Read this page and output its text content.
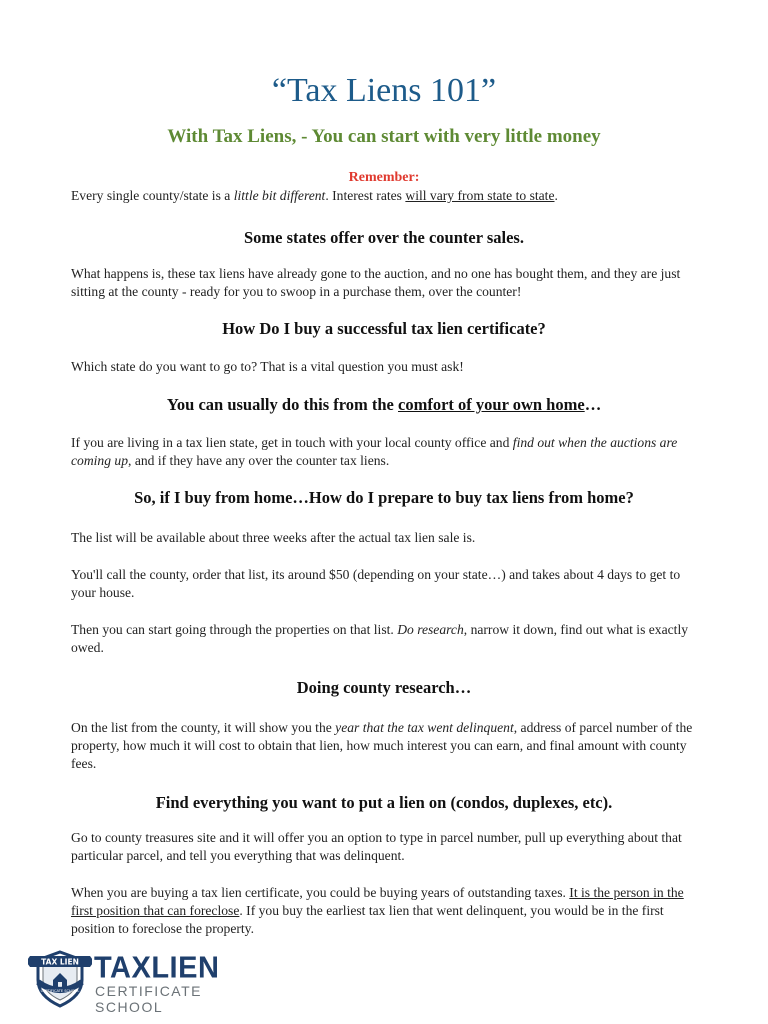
“Tax Liens 101”
With Tax Liens, - You can start with very little money
Remember:
Every single county/state is a little bit different. Interest rates will vary from state to state.
Some states offer over the counter sales.
What happens is, these tax liens have already gone to the auction, and no one has bought them, and they are just sitting at the county - ready for you to swoop in a purchase them, over the counter!
How Do I buy a successful tax lien certificate?
Which state do you want to go to? That is a vital question you must ask!
You can usually do this from the comfort of your own home…
If you are living in a tax lien state, get in touch with your local county office and find out when the auctions are coming up, and if they have any over the counter tax liens.
So, if I buy from home…How do I prepare to buy tax liens from home?
The list will be available about three weeks after the actual tax lien sale is.
You'll call the county, order that list, its around $50 (depending on your state…) and takes about 4 days to get to your house.
Then you can start going through the properties on that list. Do research, narrow it down, find out what is exactly owed.
Doing county research…
On the list from the county, it will show you the year that the tax went delinquent, address of parcel number of the property, how much it will cost to obtain that lien, how much interest you can earn, and final amount with county fees.
Find everything you want to put a lien on (condos, duplexes, etc).
Go to county treasures site and it will offer you an option to type in parcel number, pull up everything about that particular parcel, and tell you everything that was delinquent.
When you are buying a tax lien certificate, you could be buying years of outstanding taxes. It is the person in the first position that can foreclose. If you buy the earliest tax lien that went delinquent, you would be in the first position to foreclose the property.
TAX LIEN
CERTIFICATE SCHOOL
TAXLIEN
CERTIFICATE SCHOOL
